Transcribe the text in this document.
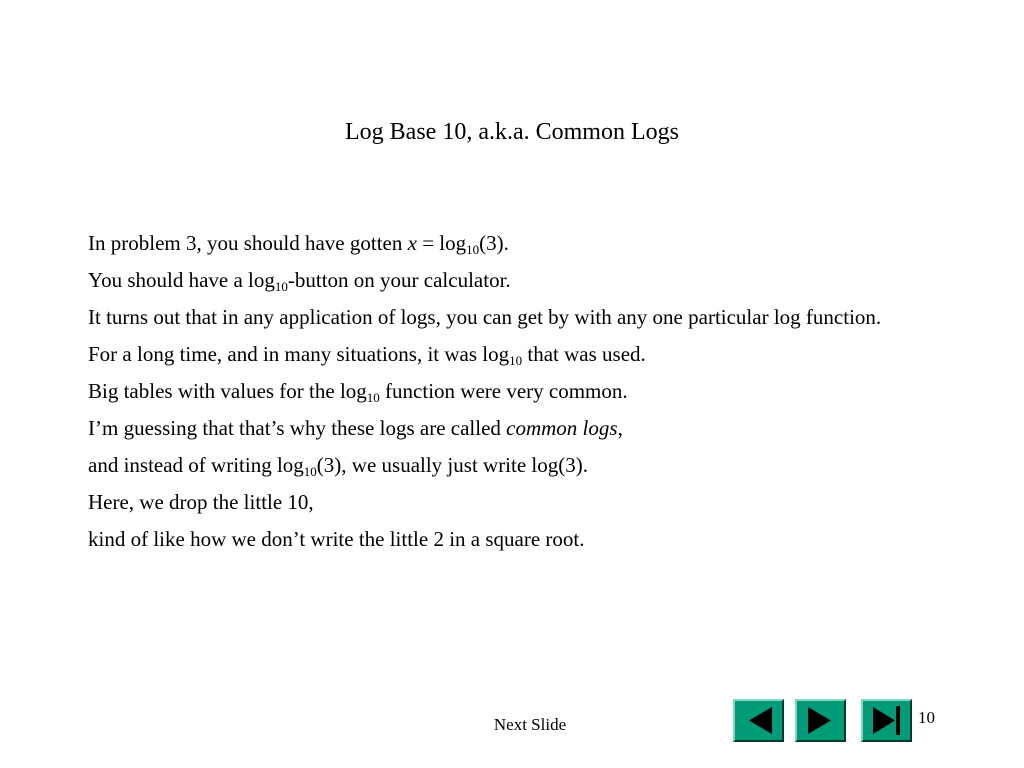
Log Base 10, a.k.a. Common Logs
In problem 3, you should have gotten $x = \log_{10}(3)$.
You should have a $\log_{10}$-button on your calculator.
It turns out that in any application of logs, you can get by with any one particular log function.
For a long time, and in many situations, it was $\log_{10}$ that was used.
Big tables with values for the $\log_{10}$ function were very common.
I’m guessing that that’s why these logs are called common logs,
and instead of writing $\log_{10}(3)$, we usually just write log(3).
Here, we drop the little 10,
kind of like how we don’t write the little 2 in a square root.
Next Slide	10
